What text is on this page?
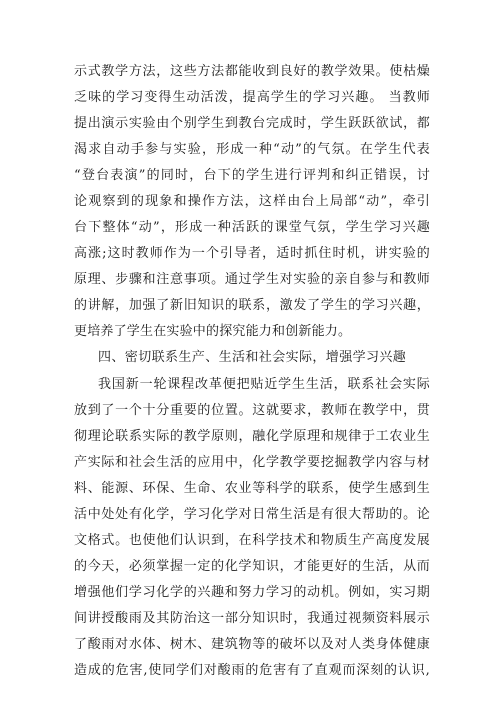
示式教学方法，这些方法都能收到良好的教学效果。使枯燥
乏味的学习变得生动活泼，提高学生的学习兴趣。 当教师
提出演示实验由个别学生到教台完成时，学生跃跃欲试，都
渴求自动手参与实验，形成一种“动”的气氛。在学生代表
“登台表演”的同时，台下的学生进行评判和纠正错误，讨
论观察到的现象和操作方法，这样由台上局部“动”，牵引
台下整体“动”，形成一种活跃的课堂气氛，学生学习兴趣
高涨;这时教师作为一个引导者，适时抓住时机，讲实验的
原理、步骤和注意事项。通过学生对实验的亲自参与和教师
的讲解，加强了新旧知识的联系，激发了学生的学习兴趣，
更培养了学生在实验中的探究能力和创新能力。
四、密切联系生产、生活和社会实际，增强学习兴趣
我国新一轮课程改革便把贴近学生生活，联系社会实际
放到了一个十分重要的位置。这就要求，教师在教学中，贯
彻理论联系实际的教学原则，融化学原理和规律于工农业生
产实际和社会生活的应用中，化学教学要挖掘教学内容与材
料、能源、环保、生命、农业等科学的联系，使学生感到生
活中处处有化学，学习化学对日常生活是有很大帮助的。论
文格式。也使他们认识到，在科学技术和物质生产高度发展
的今天，必须掌握一定的化学知识，才能更好的生活，从而
增强他们学习化学的兴趣和努力学习的动机。例如，实习期
间讲授酸雨及其防治这一部分知识时，我通过视频资料展示
了酸雨对水体、树木、建筑物等的破坏以及对人类身体健康
造成的危害,使同学们对酸雨的危害有了直观而深刻的认识,
